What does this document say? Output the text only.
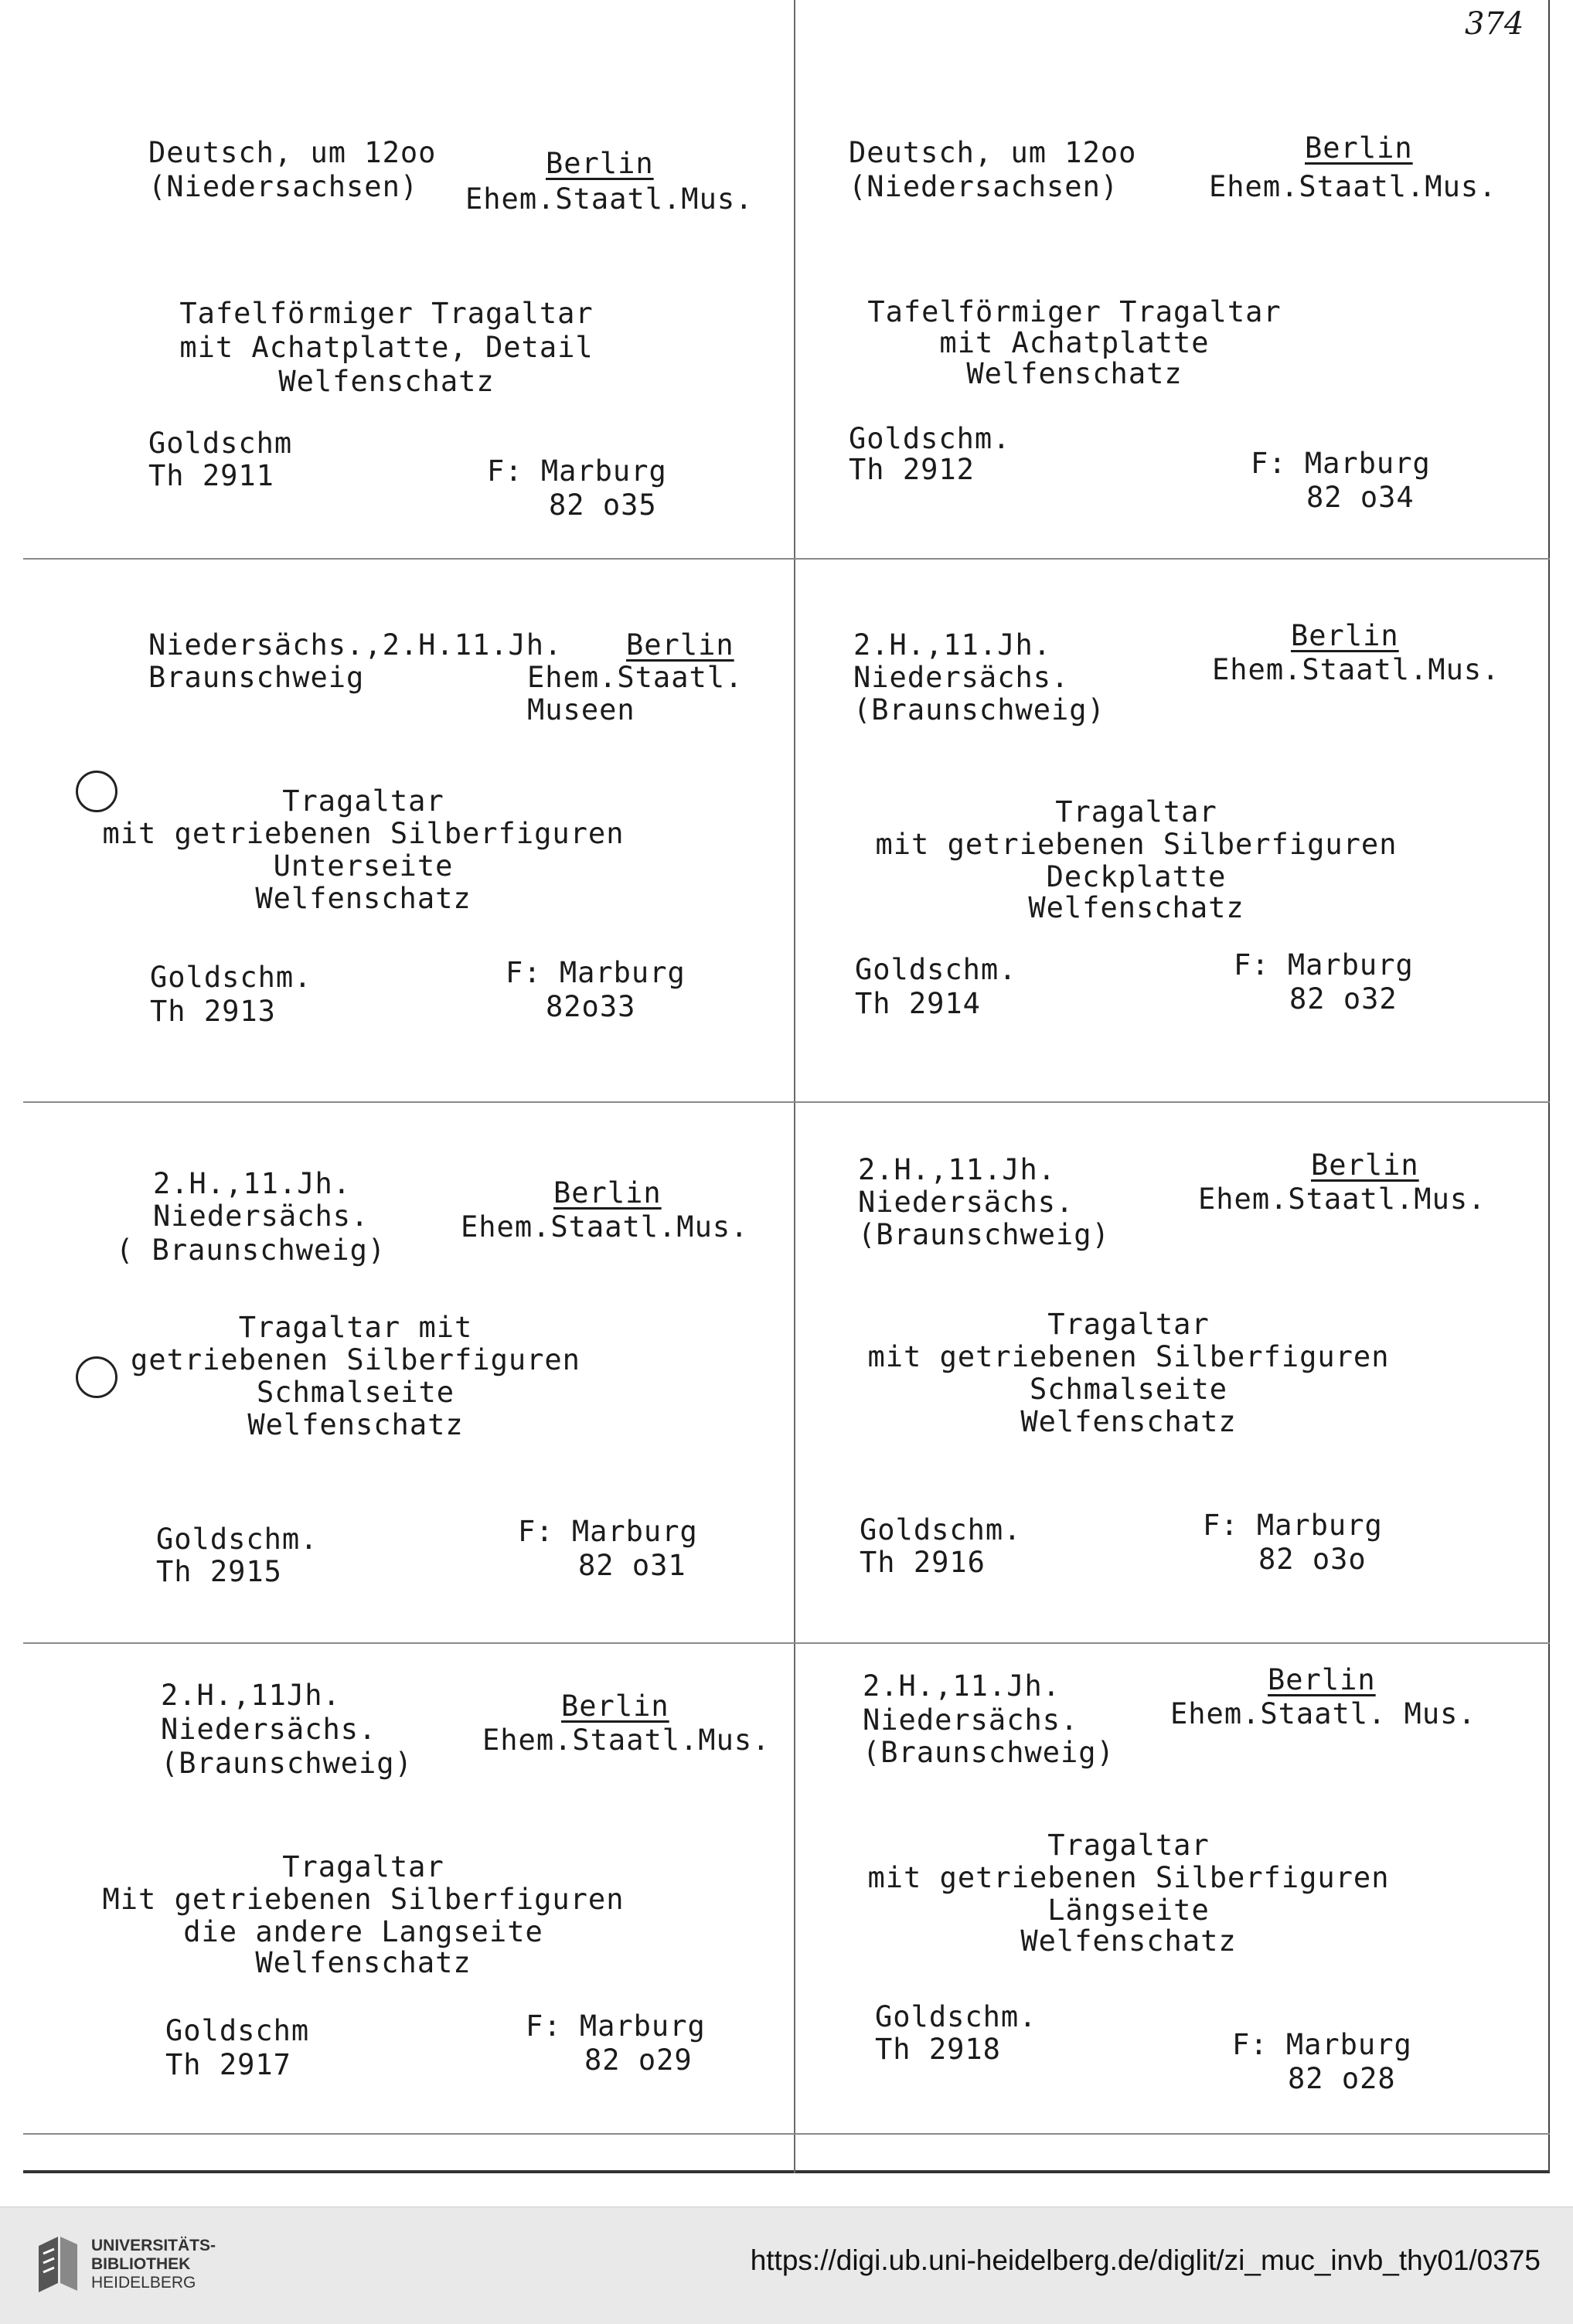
374
Deutsch, um 12oo
(Niedersachsen)
Berlin
Ehem.Staatl.Mus.
Tafelförmiger Tragaltar
mit Achatplatte, Detail
Welfenschatz
Goldschm
Th 2911	F: Marburg
82 o35
Deutsch, um 12oo
(Niedersachsen)
Berlin
Ehem.Staatl.Mus.
Tafelförmiger Tragaltar
mit Achatplatte
Welfenschatz
Goldschm.
Th 2912	F: Marburg
82 o34
Niedersächs.,2.H.11.Jh.
Braunschweig
Berlin
Ehem.Staatl.
Museen
Tragaltar
mit getriebenen Silberfiguren
Unterseite
Welfenschatz
Goldschm.
Th 2913
F: Marburg
82o33
2.H.,11.Jh.
Niedersächs.
(Braunschweig)
Berlin
Ehem.Staatl.Mus.
Tragaltar
mit getriebenen Silberfiguren
Deckplatte
Welfenschatz
Goldschm.
Th 2914
F: Marburg
82 o32
2.H.,11.Jh.
Niedersächs.
( Braunschweig)
Berlin
Ehem.Staatl.Mus.
Tragaltar mit
getriebenen Silberfiguren
Schmalseite
Welfenschatz
Goldschm.
Th 2915
F: Marburg
82 o31
2.H.,11.Jh.
Niedersächs.
(Braunschweig)
Berlin
Ehem.Staatl.Mus.
Tragaltar
mit getriebenen Silberfiguren
Schmalseite
Welfenschatz
Goldschm.
Th 2916
F: Marburg
82 o3o
2.H.,11Jh.
Niedersächs.
(Braunschweig)
Berlin
Ehem.Staatl.Mus.
Tragaltar
Mit getriebenen Silberfiguren
die andere Langseite
Welfenschatz
Goldschm
Th 2917
F: Marburg
82 o29
2.H.,11.Jh.
Niedersächs.
(Braunschweig)
Berlin
Ehem.Staatl. Mus.
Tragaltar
mit getriebenen Silberfiguren
Längseite
Welfenschatz
Goldschm.
Th 2918	F: Marburg
82 o28
UNIVERSITÄTS-
BIBLIOTHEK
HEIDELBERG
https://digi.ub.uni-heidelberg.de/diglit/zi_muc_invb_thy01/0375
